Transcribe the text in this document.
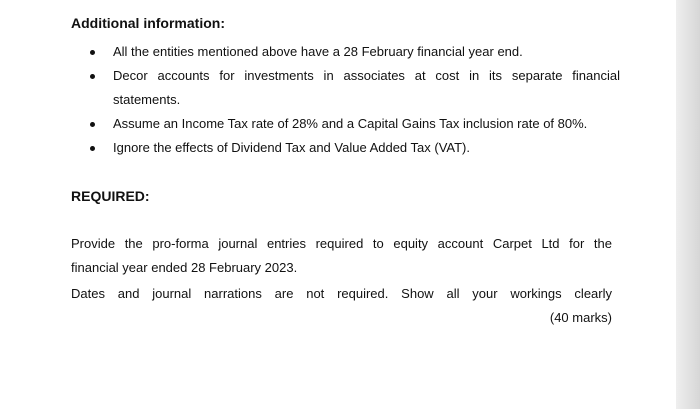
Additional information:
All the entities mentioned above have a 28 February financial year end.
Decor accounts for investments in associates at cost in its separate financial statements.
Assume an Income Tax rate of 28% and a Capital Gains Tax inclusion rate of 80%.
Ignore the effects of Dividend Tax and Value Added Tax (VAT).
REQUIRED:

Provide the pro-forma journal entries required to equity account Carpet Ltd for the

financial year ended 28 February 2023.

Dates and journal narrations are not required. Show all your workings clearly

(40 marks)
